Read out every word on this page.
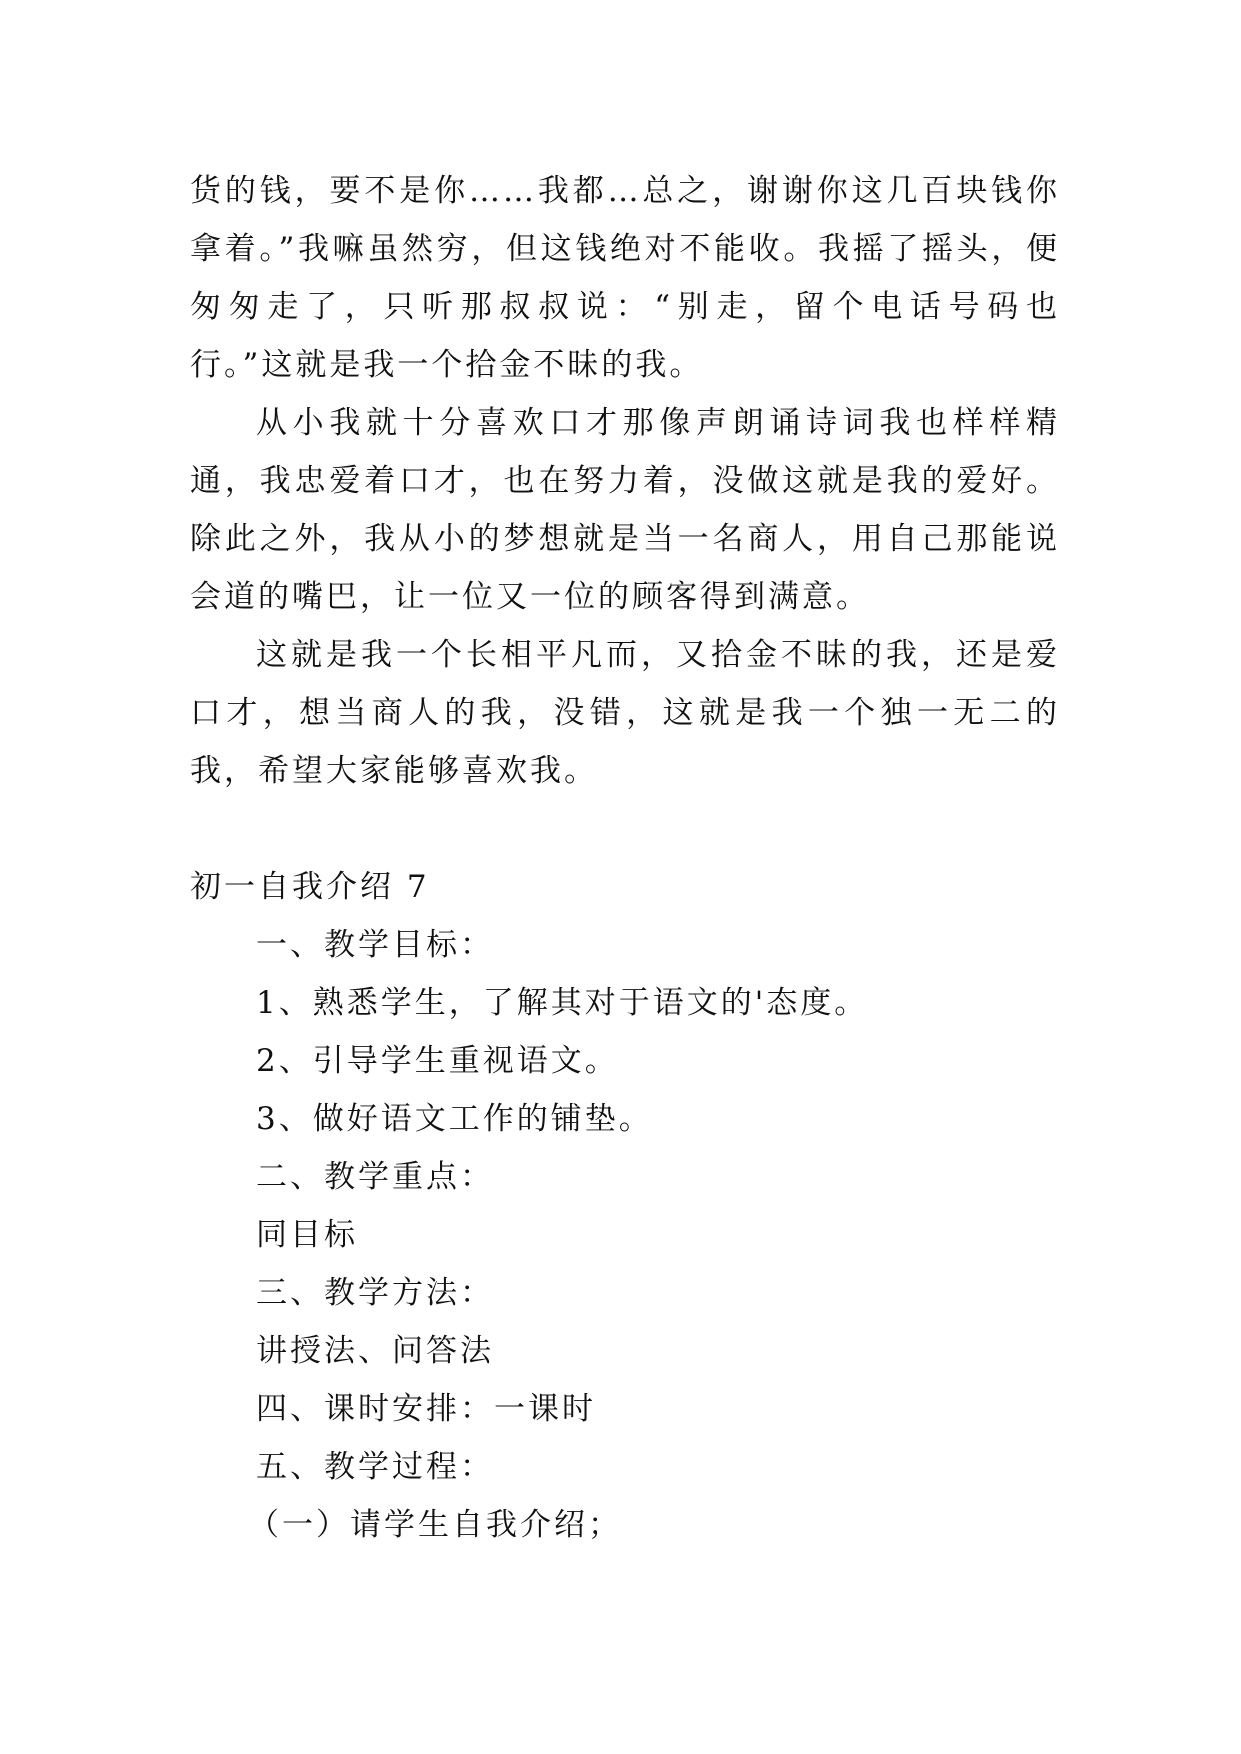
货的钱，要不是你……我都…总之，谢谢你这几百块钱你拿着。”我嘛虽然穷，但这钱绝对不能收。我摇了摇头，便匆匆走了，只听那叔叔说：“别走，留个电话号码也行。”这就是我一个拾金不昧的我。

从小我就十分喜欢口才那像声朗诵诗词我也样样精通，我忠爱着口才，也在努力着，没做这就是我的爱好。除此之外，我从小的梦想就是当一名商人，用自己那能说会道的嘴巴，让一位又一位的顾客得到满意。

这就是我一个长相平凡而，又拾金不昧的我，还是爱口才，想当商人的我，没错，这就是我一个独一无二的我，希望大家能够喜欢我。

初一自我介绍 7

一、教学目标：

1、熟悉学生，了解其对于语文的'态度。

2、引导学生重视语文。

3、做好语文工作的铺垫。

二、教学重点：

同目标

三、教学方法：

讲授法、问答法

四、课时安排：一课时

五、教学过程：

（一）请学生自我介绍；
